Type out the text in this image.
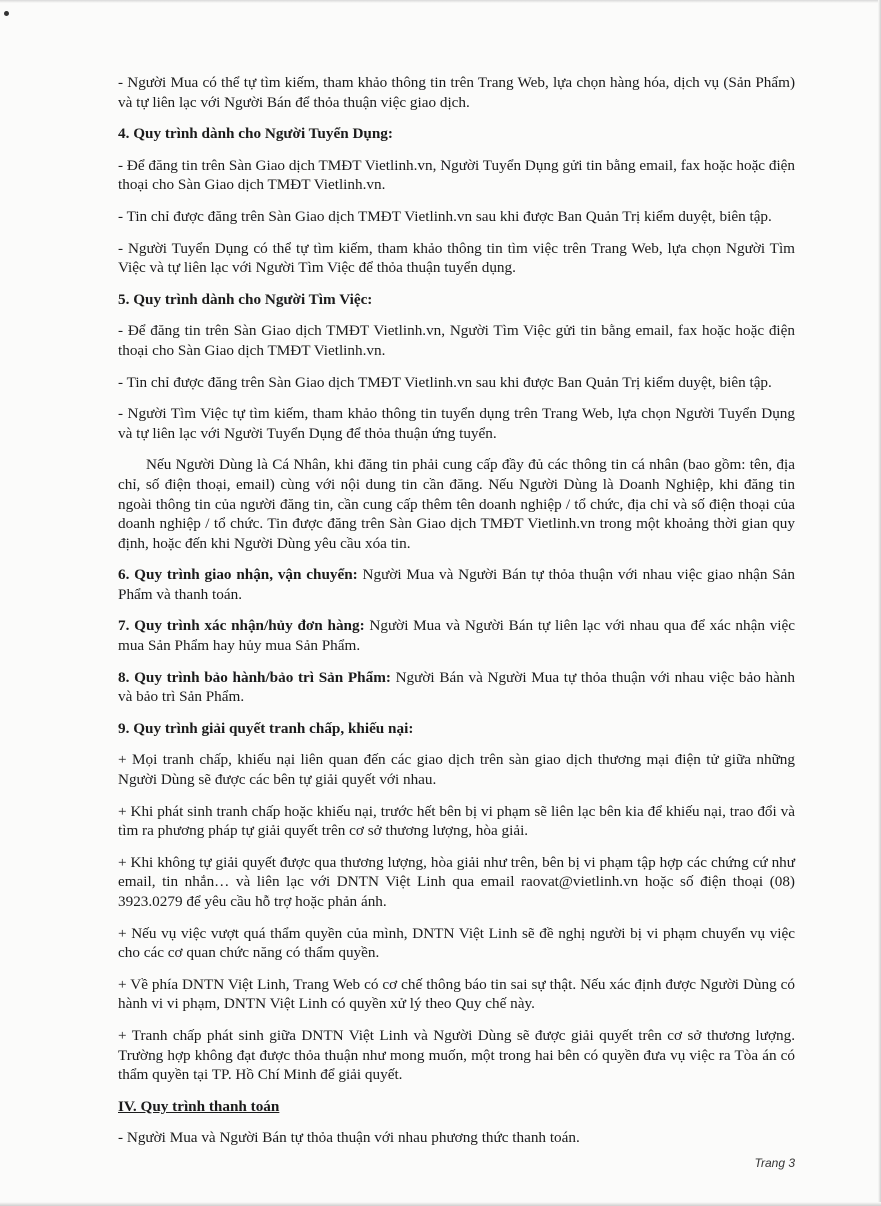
- Người Mua có thể tự tìm kiếm, tham khảo thông tin trên Trang Web, lựa chọn hàng hóa, dịch vụ (Sản Phẩm) và tự liên lạc với Người Bán để thỏa thuận việc giao dịch.

4. Quy trình dành cho Người Tuyển Dụng:

- Để đăng tin trên Sàn Giao dịch TMĐT Vietlinh.vn, Người Tuyển Dụng gửi tin bằng email, fax hoặc hoặc điện thoại cho Sàn Giao dịch TMĐT Vietlinh.vn.

- Tin chỉ được đăng trên Sàn Giao dịch TMĐT Vietlinh.vn sau khi được Ban Quản Trị kiểm duyệt, biên tập.

- Người Tuyển Dụng có thể tự tìm kiếm, tham khảo thông tin tìm việc trên Trang Web, lựa chọn Người Tìm Việc và tự liên lạc với Người Tìm Việc để thỏa thuận tuyển dụng.

5. Quy trình dành cho Người Tìm Việc:

- Để đăng tin trên Sàn Giao dịch TMĐT Vietlinh.vn, Người Tìm Việc gửi tin bằng email, fax hoặc hoặc điện thoại cho Sàn Giao dịch TMĐT Vietlinh.vn.

- Tin chỉ được đăng trên Sàn Giao dịch TMĐT Vietlinh.vn sau khi được Ban Quản Trị kiểm duyệt, biên tập.

- Người Tìm Việc tự tìm kiếm, tham khảo thông tin tuyển dụng trên Trang Web, lựa chọn Người Tuyển Dụng và tự liên lạc với Người Tuyển Dụng để thỏa thuận ứng tuyển.

Nếu Người Dùng là Cá Nhân, khi đăng tin phải cung cấp đầy đủ các thông tin cá nhân (bao gồm: tên, địa chỉ, số điện thoại, email) cùng với nội dung tin cần đăng. Nếu Người Dùng là Doanh Nghiệp, khi đăng tin ngoài thông tin của người đăng tin, cần cung cấp thêm tên doanh nghiệp / tổ chức, địa chỉ và số điện thoại của doanh nghiệp / tổ chức. Tin được đăng trên Sàn Giao dịch TMĐT Vietlinh.vn trong một khoảng thời gian quy định, hoặc đến khi Người Dùng yêu cầu xóa tin.

6. Quy trình giao nhận, vận chuyển: Người Mua và Người Bán tự thỏa thuận với nhau việc giao nhận Sản Phẩm và thanh toán.

7. Quy trình xác nhận/hủy đơn hàng: Người Mua và Người Bán tự liên lạc với nhau qua để xác nhận việc mua Sản Phẩm hay hủy mua Sản Phẩm.

8. Quy trình bảo hành/bảo trì Sản Phẩm: Người Bán và Người Mua tự thỏa thuận với nhau việc bảo hành và bảo trì Sản Phẩm.

9. Quy trình giải quyết tranh chấp, khiếu nại:

+ Mọi tranh chấp, khiếu nại liên quan đến các giao dịch trên sàn giao dịch thương mại điện tử giữa những Người Dùng sẽ được các bên tự giải quyết với nhau.

+ Khi phát sinh tranh chấp hoặc khiếu nại, trước hết bên bị vi phạm sẽ liên lạc bên kia để khiếu nại, trao đổi và tìm ra phương pháp tự giải quyết trên cơ sở thương lượng, hòa giải.

+ Khi không tự giải quyết được qua thương lượng, hòa giải như trên, bên bị vi phạm tập hợp các chứng cứ như email, tin nhắn… và liên lạc với DNTN Việt Linh qua email raovat@vietlinh.vn hoặc số điện thoại (08) 3923.0279 để yêu cầu hỗ trợ hoặc phản ánh.

+ Nếu vụ việc vượt quá thẩm quyền của mình, DNTN Việt Linh sẽ đề nghị người bị vi phạm chuyển vụ việc cho các cơ quan chức năng có thẩm quyền.

+ Về phía DNTN Việt Linh, Trang Web có cơ chế thông báo tin sai sự thật. Nếu xác định được Người Dùng có hành vi vi phạm, DNTN Việt Linh có quyền xử lý theo Quy chế này.

+ Tranh chấp phát sinh giữa DNTN Việt Linh và Người Dùng sẽ được giải quyết trên cơ sở thương lượng. Trường hợp không đạt được thỏa thuận như mong muốn, một trong hai bên có quyền đưa vụ việc ra Tòa án có thẩm quyền tại TP. Hồ Chí Minh để giải quyết.

IV. Quy trình thanh toán

- Người Mua và Người Bán tự thỏa thuận với nhau phương thức thanh toán.

Trang 3
